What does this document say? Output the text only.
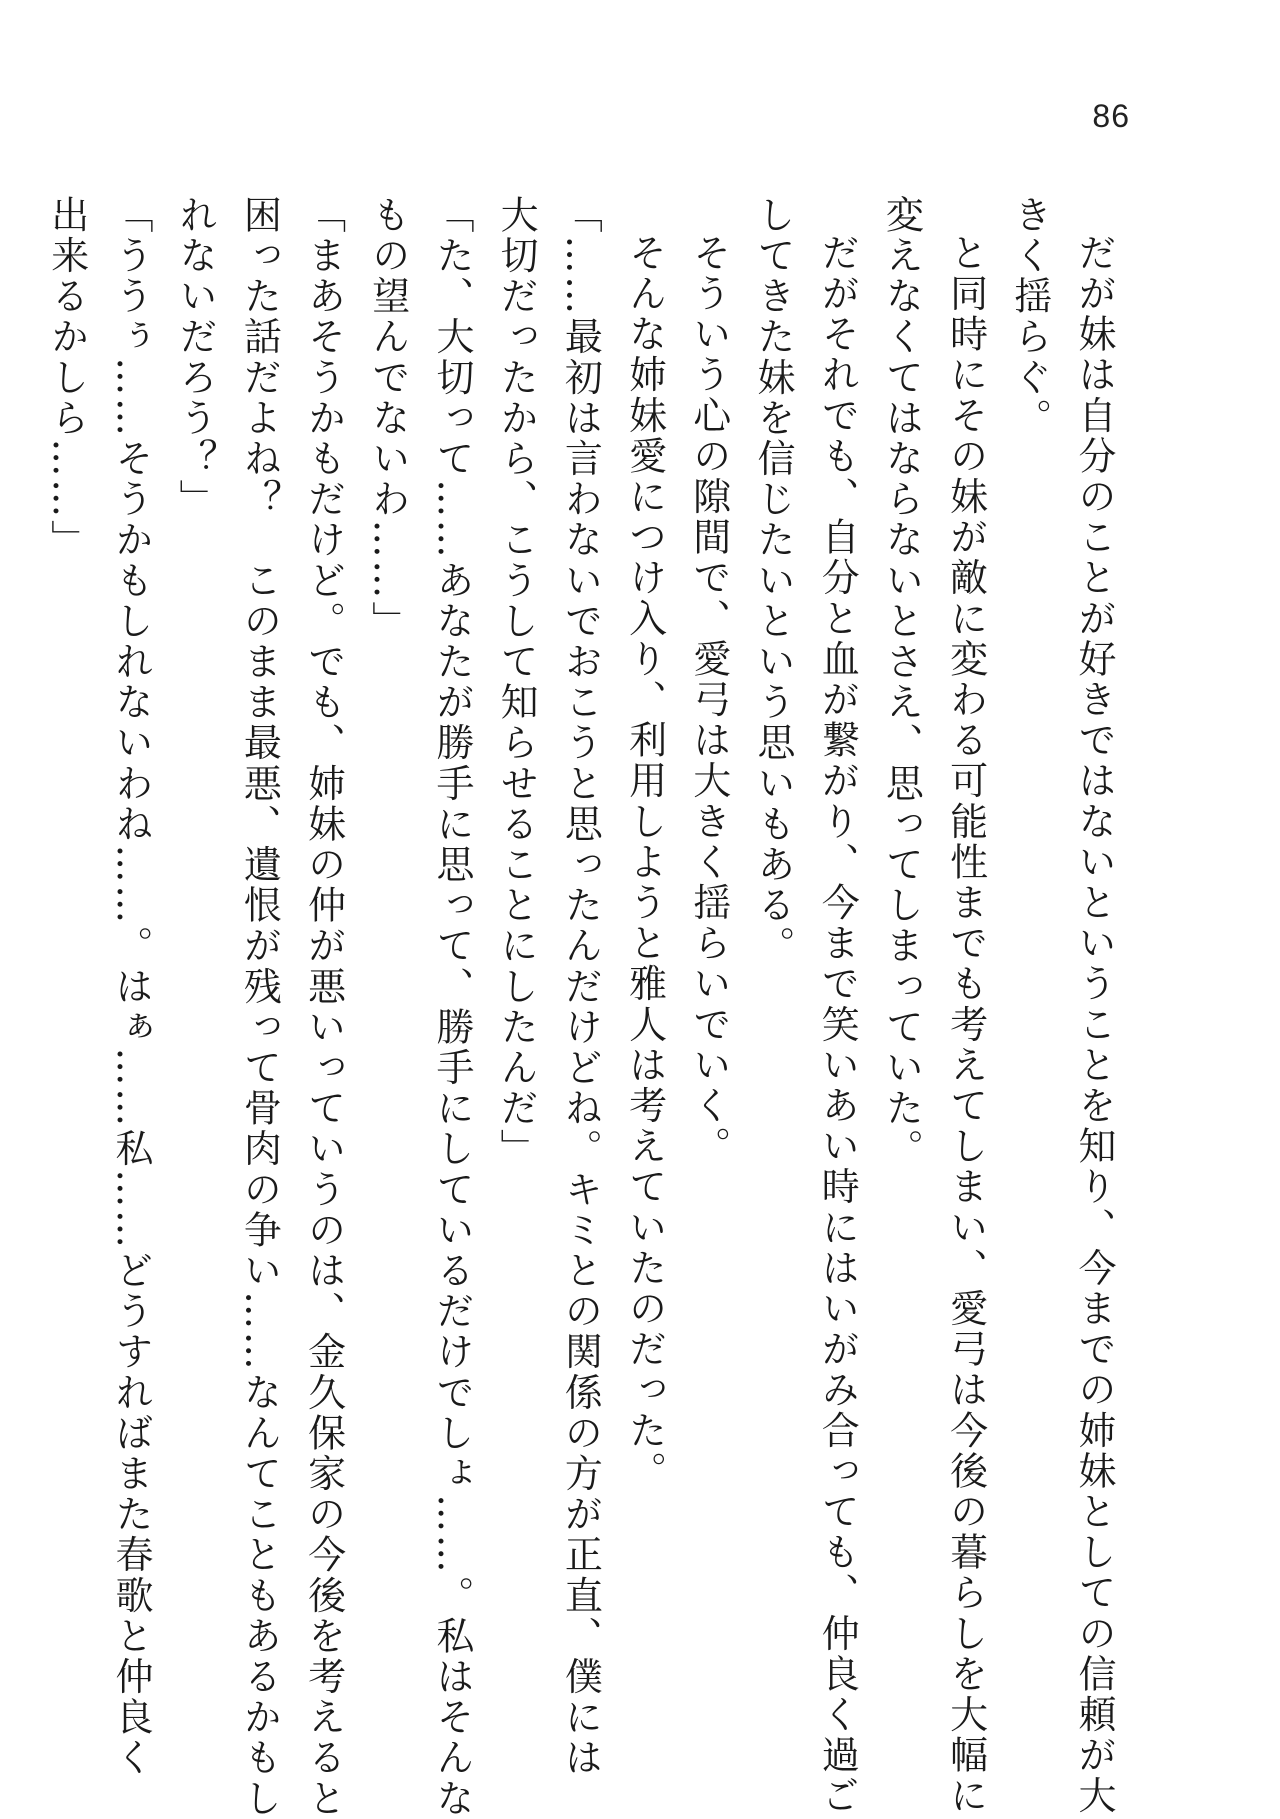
86
だが妹は自分のことが好きではないということを知り、今までの姉妹としての信頼が大
きく揺らぐ。
と同時にその妹が敵に変わる可能性までも考えてしまい、愛弓は今後の暮らしを大幅に
変えなくてはならないとさえ、思ってしまっていた。
だがそれでも、自分と血が繋がり、今まで笑いあい時にはいがみ合っても、仲良く過ご
してきた妹を信じたいという思いもある。
そういう心の隙間で、愛弓は大きく揺らいでいく。
そんな姉妹愛につけ入り、利用しようと雅人は考えていたのだった。
「……最初は言わないでおこうと思ったんだけどね。キミとの関係の方が正直、僕には
大切だったから、こうして知らせることにしたんだ」
「た、大切って……あなたが勝手に思って、勝手にしているだけでしょ……。私はそんな
もの望んでないわ……」
「まあそうかもだけど。でも、姉妹の仲が悪いっていうのは、金久保家の今後を考えると
困った話だよね？　このまま最悪、遺恨が残って骨肉の争い……なんてこともあるかもし
れないだろう？」
「ううぅ……そうかもしれないわね……。はぁ……私……どうすればまた春歌と仲良く
出来るかしら……」
